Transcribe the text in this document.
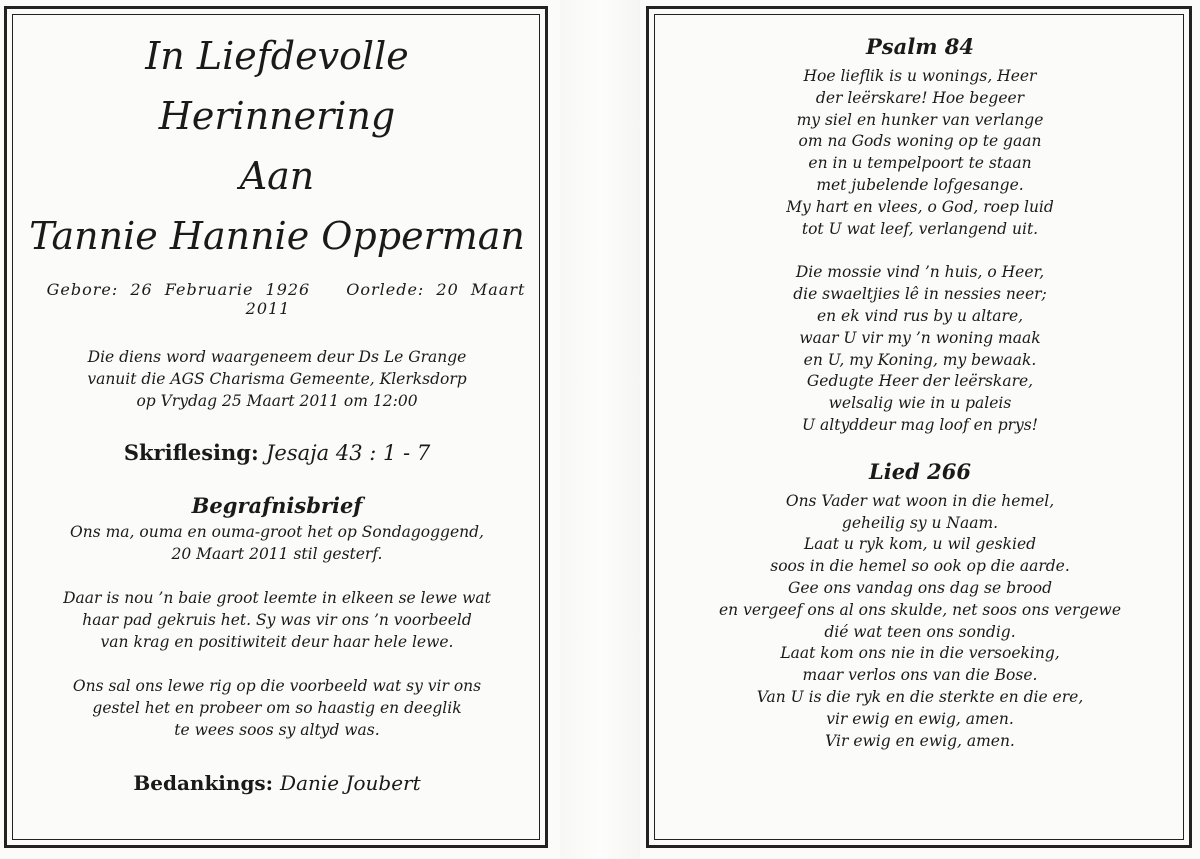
In Liefdevolle Herinnering

Aan

Tannie Hannie Opperman

Gebore: 26 Februarie 1926 Oorlede: 20 Maart 2011

Die diens word waargeneem deur Ds Le Grange

vanuit die AGS Charisma Gemeente, Klerksdorp

op Vrydag 25 Maart 2011 om 12:00

Skriflesing: Jesaja 43 : 1 - 7

Begrafnisbrief

Ons ma, ouma en ouma-groot het op Sondagoggend,

20 Maart 2011 stil gesterf.

Daar is nou ’n baie groot leemte in elkeen se lewe wat

haar pad gekruis het. Sy was vir ons ’n voorbeeld

van krag en positiwiteit deur haar hele lewe.

Ons sal ons lewe rig op die voorbeeld wat sy vir ons

gestel het en probeer om so haastig en deeglik

te wees soos sy altyd was.

Bedankings: Danie Joubert

Psalm 84

Hoe lieflik is u wonings, Heer

der leërskare! Hoe begeer

my siel en hunker van verlange

om na Gods woning op te gaan

en in u tempelpoort te staan

met jubelende lofgesange.

My hart en vlees, o God, roep luid

tot U wat leef, verlangend uit.

Die mossie vind ’n huis, o Heer,

die swaeltjies lê in nessies neer;

en ek vind rus by u altare,

waar U vir my ’n woning maak

en U, my Koning, my bewaak.

Gedugte Heer der leërskare,

welsalig wie in u paleis

U altyddeur mag loof en prys!

Lied 266

Ons Vader wat woon in die hemel,

geheilig sy u Naam.

Laat u ryk kom, u wil geskied

soos in die hemel so ook op die aarde.

Gee ons vandag ons dag se brood

en vergeef ons al ons skulde, net soos ons vergewe

dié wat teen ons sondig.

Laat kom ons nie in die versoeking,

maar verlos ons van die Bose.

Van U is die ryk en die sterkte en die ere,

vir ewig en ewig, amen.

Vir ewig en ewig, amen.
